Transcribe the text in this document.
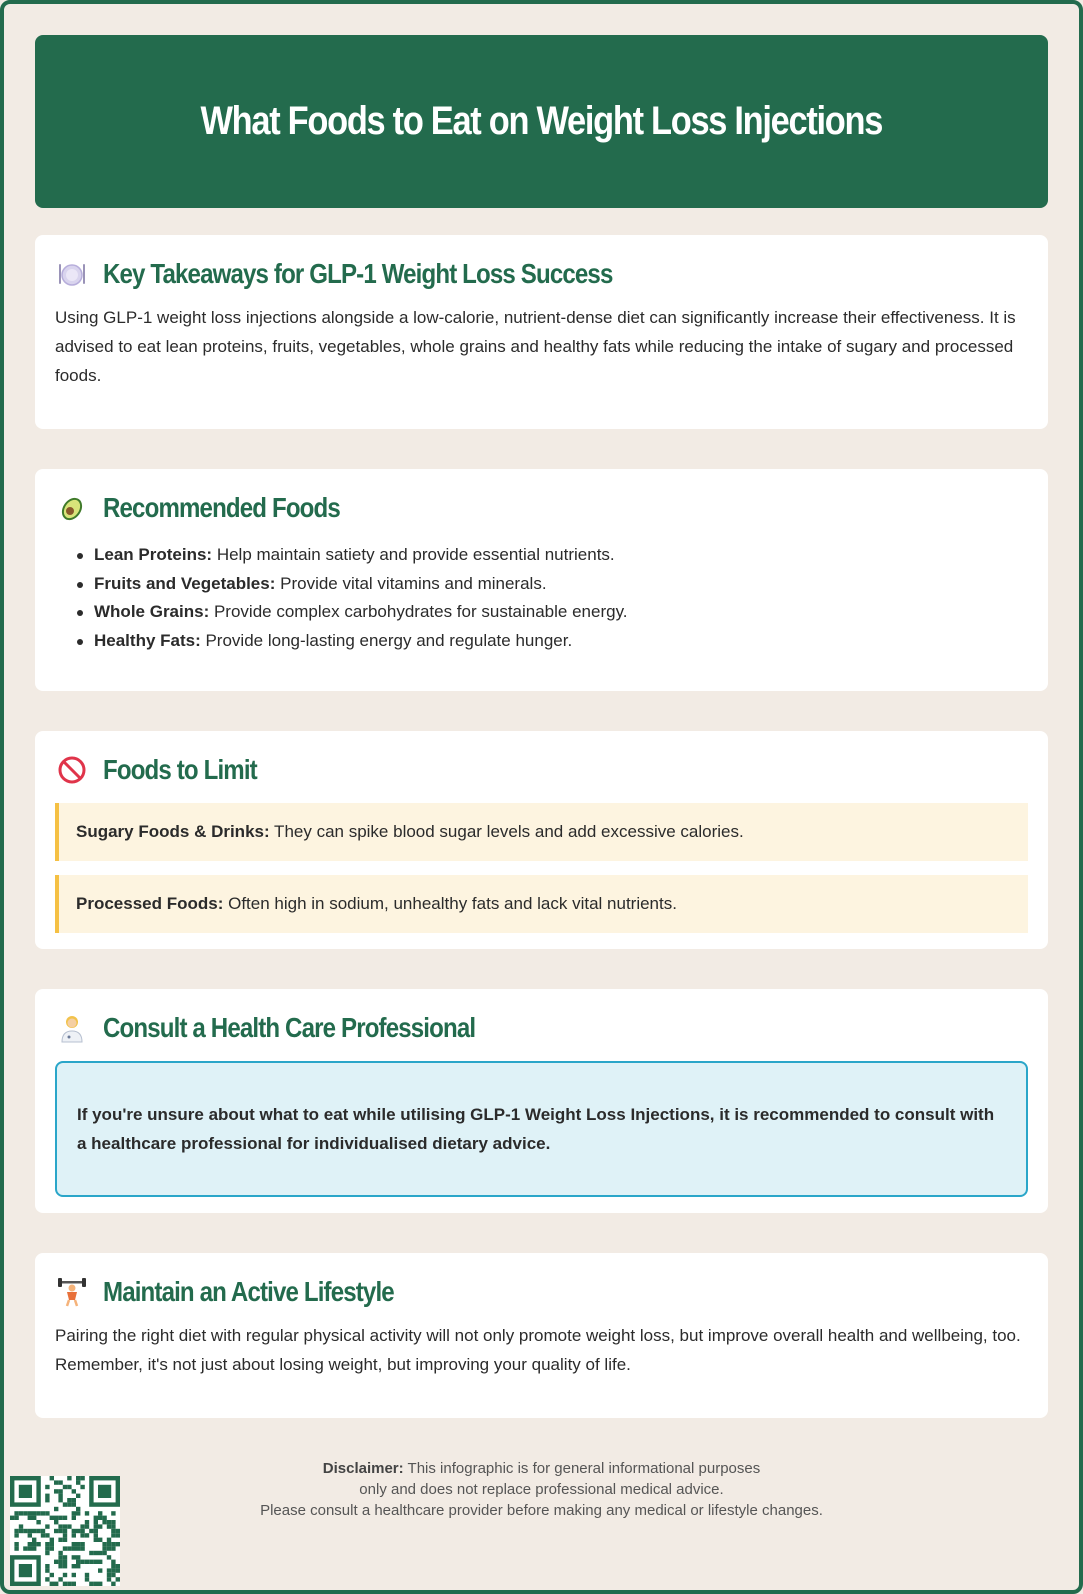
What Foods to Eat on Weight Loss Injections
Key Takeaways for GLP-1 Weight Loss Success

Using GLP-1 weight loss injections alongside a low-calorie, nutrient-dense diet can significantly increase their effectiveness. It is advised to eat lean proteins, fruits, vegetables, whole grains and healthy fats while reducing the intake of sugary and processed foods.

Recommended Foods
Lean Proteins: Help maintain satiety and provide essential nutrients.
Fruits and Vegetables: Provide vital vitamins and minerals.
Whole Grains: Provide complex carbohydrates for sustainable energy.
Healthy Fats: Provide long-lasting energy and regulate hunger.
Foods to Limit
Sugary Foods & Drinks: They can spike blood sugar levels and add excessive calories.
Processed Foods: Often high in sodium, unhealthy fats and lack vital nutrients.
Consult a Health Care Professional

If you're unsure about what to eat while utilising GLP-1 Weight Loss Injections, it is recommended to consult with a healthcare professional for individualised dietary advice.

Maintain an Active Lifestyle

Pairing the right diet with regular physical activity will not only promote weight loss, but improve overall health and wellbeing, too. Remember, it's not just about losing weight, but improving your quality of life.

Disclaimer: This infographic is for general informational purposes
only and does not replace professional medical advice.
Please consult a healthcare provider before making any medical or lifestyle changes.
